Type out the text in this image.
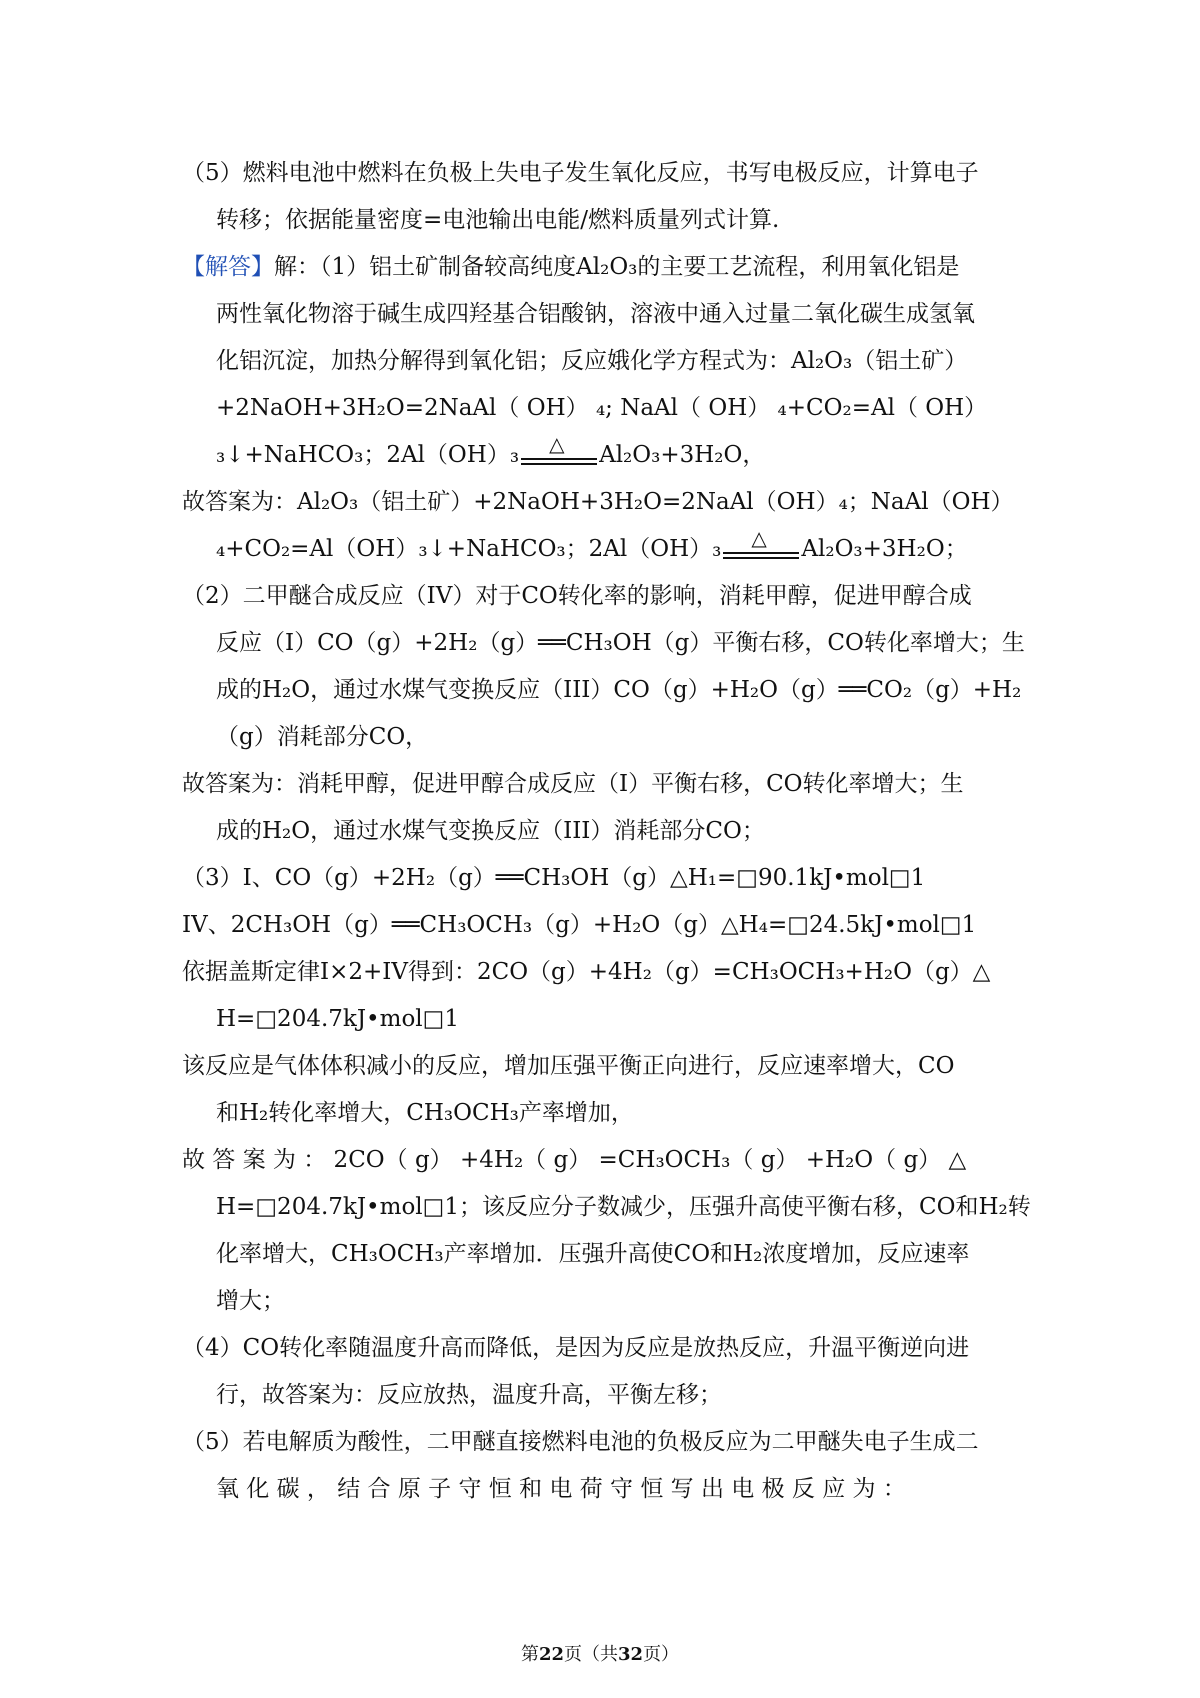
（5）燃料电池中燃料在负极上失电子发生氧化反应，书写电极反应，计算电子
转移；依据能量密度=电池输出电能/燃料质量列式计算.
【解答】解：（1）铝土矿制备较高纯度Al₂O₃的主要工艺流程，利用氧化铝是
两性氧化物溶于碱生成四羟基合铝酸钠，溶液中通入过量二氧化碳生成氢氧
化铝沉淀，加热分解得到氧化铝；反应娥化学方程式为：Al₂O₃（铝土矿）
+2NaOH+3H₂O=2NaAl（ OH） ₄; NaAl（ OH） ₄+CO₂=Al（ OH）
₃↓+NaHCO₃；2Al（OH）₃ △ Al₂O₃+3H₂O，
故答案为：Al₂O₃（铝土矿）+2NaOH+3H₂O=2NaAl（OH）₄；NaAl（OH）
₄+CO₂=Al（OH）₃↓+NaHCO₃；2Al（OH）₃ △ Al₂O₃+3H₂O；
（2）二甲醚合成反应（IV）对于CO转化率的影响，消耗甲醇，促进甲醇合成
反应（I）CO（g）+2H₂（g）══CH₃OH（g）平衡右移，CO转化率增大；生
成的H₂O，通过水煤气变换反应（III）CO（g）+H₂O（g）══CO₂（g）+H₂
（g）消耗部分CO，
故答案为：消耗甲醇，促进甲醇合成反应（I）平衡右移，CO转化率增大；生
成的H₂O，通过水煤气变换反应（III）消耗部分CO；
（3）I、CO（g）+2H₂（g）══CH₃OH（g）△H₁=□90.1kJ•mol□1
IV、2CH₃OH（g）══CH₃OCH₃（g）+H₂O（g）△H₄=□24.5kJ•mol□1
依据盖斯定律I×2+IV得到：2CO（g）+4H₂（g）=CH₃OCH₃+H₂O（g）△
H=□204.7kJ•mol□1
该反应是气体体积减小的反应，增加压强平衡正向进行，反应速率增大，CO
和H₂转化率增大，CH₃OCH₃产率增加，
故 答 案 为 ： 2CO（ g） +4H₂（ g） =CH₃OCH₃（ g） +H₂O（ g） △
H=□204.7kJ•mol□1；该反应分子数减少，压强升高使平衡右移，CO和H₂转
化率增大，CH₃OCH₃产率增加．压强升高使CO和H₂浓度增加，反应速率
增大；
（4）CO转化率随温度升高而降低，是因为反应是放热反应，升温平衡逆向进
行，故答案为：反应放热，温度升高，平衡左移；
（5）若电解质为酸性，二甲醚直接燃料电池的负极反应为二甲醚失电子生成二
氧 化 碳 ， 结 合 原 子 守 恒 和 电 荷 守 恒 写 出 电 极 反 应 为 ：
第22页（共32页）
